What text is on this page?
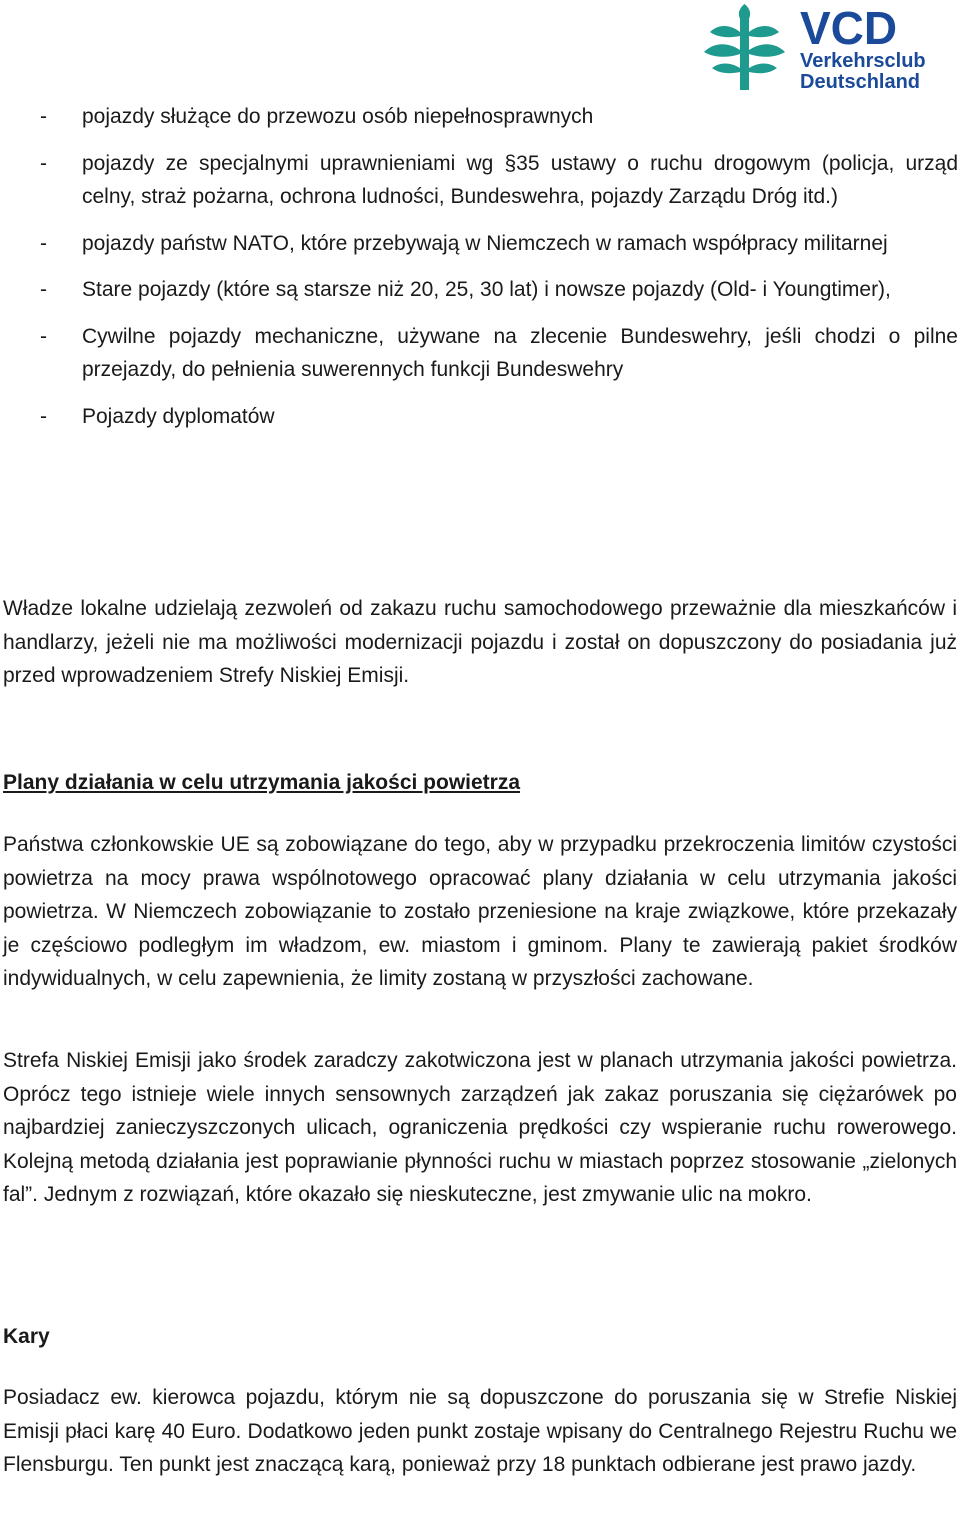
VCD
Verkehrsclub
Deutschland
- pojazdy służące do przewozu osób niepełnosprawnych
- pojazdy ze specjalnymi uprawnieniami wg §35 ustawy o ruchu drogowym (policja, urząd celny, straż pożarna, ochrona ludności, Bundeswehra, pojazdy Zarządu Dróg itd.)
- pojazdy państw NATO, które przebywają w Niemczech w ramach współpracy militarnej
- Stare pojazdy (które są starsze niż 20, 25, 30 lat) i nowsze pojazdy (Old- i Youngtimer),
- Cywilne pojazdy mechaniczne, używane na zlecenie Bundeswehry, jeśli chodzi o pilne przejazdy, do pełnienia suwerennych funkcji Bundeswehry
- Pojazdy dyplomatów

Władze lokalne udzielają zezwoleń od zakazu ruchu samochodowego przeważnie dla mieszkańców i handlarzy, jeżeli nie ma możliwości modernizacji pojazdu i został on dopuszczony do posiadania już przed wprowadzeniem Strefy Niskiej Emisji.

Plany działania w celu utrzymania jakości powietrza

Państwa członkowskie UE są zobowiązane do tego, aby w przypadku przekroczenia limitów czystości powietrza na mocy prawa wspólnotowego opracować plany działania w celu utrzymania jakości powietrza. W Niemczech zobowiązanie to zostało przeniesione na kraje związkowe, które przekazały je częściowo podległym im władzom, ew. miastom i gminom. Plany te zawierają pakiet środków indywidualnych, w celu zapewnienia, że limity zostaną w przyszłości zachowane.

Strefa Niskiej Emisji jako środek zaradczy zakotwiczona jest w planach utrzymania jakości powietrza. Oprócz tego istnieje wiele innych sensownych zarządzeń jak zakaz poruszania się ciężarówek po najbardziej zanieczyszczonych ulicach, ograniczenia prędkości czy wspieranie ruchu rowerowego. Kolejną metodą działania jest poprawianie płynności ruchu w miastach poprzez stosowanie „zielonych fal”. Jednym z rozwiązań, które okazało się nieskuteczne, jest zmywanie ulic na mokro.

Kary

Posiadacz ew. kierowca pojazdu, którym nie są dopuszczone do poruszania się w Strefie Niskiej Emisji płaci karę 40 Euro. Dodatkowo jeden punkt zostaje wpisany do Centralnego Rejestru Ruchu we Flensburgu. Ten punkt jest znaczącą karą, ponieważ przy 18 punktach odbierane jest prawo jazdy.
